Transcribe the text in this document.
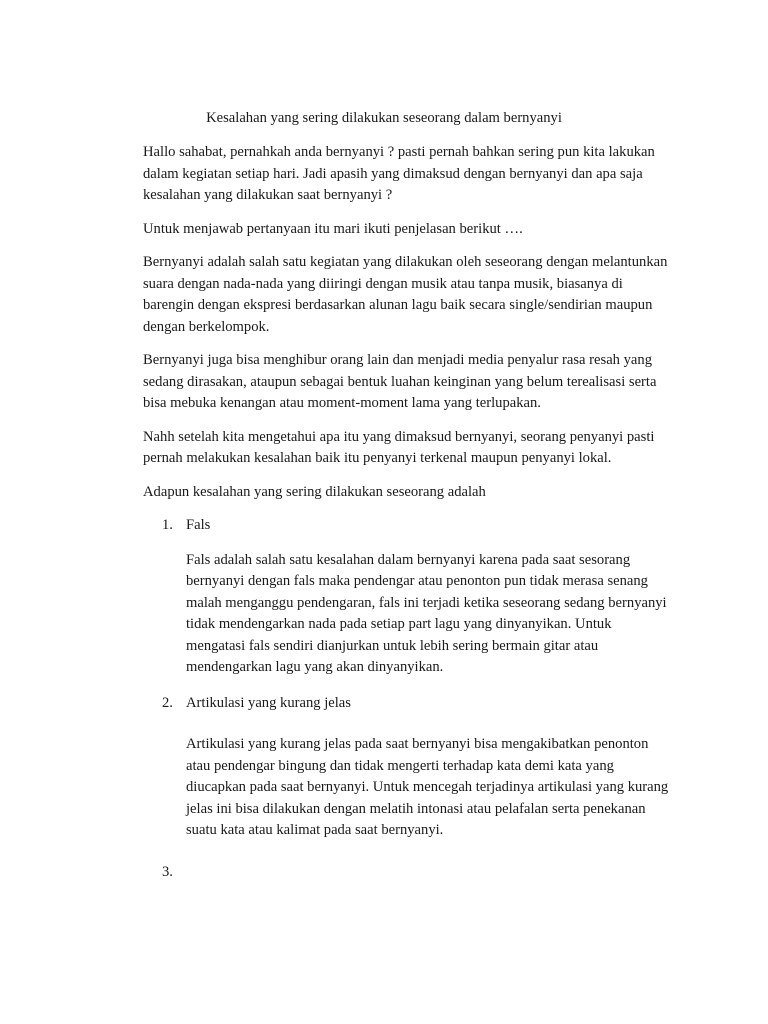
Kesalahan yang sering dilakukan seseorang dalam bernyanyi

Hallo sahabat, pernahkah anda bernyanyi ? pasti pernah bahkan sering pun kita lakukan dalam kegiatan setiap hari. Jadi apasih yang dimaksud dengan bernyanyi dan apa saja kesalahan yang dilakukan saat bernyanyi ?

Untuk menjawab pertanyaan itu mari ikuti penjelasan berikut ….

Bernyanyi adalah salah satu kegiatan yang dilakukan oleh seseorang dengan melantunkan suara dengan nada-nada yang diiringi dengan musik atau tanpa musik, biasanya di barengin dengan ekspresi berdasarkan alunan lagu baik secara single/sendirian maupun dengan berkelompok.

Bernyanyi juga bisa menghibur orang lain dan menjadi media penyalur rasa resah yang sedang dirasakan, ataupun sebagai bentuk luahan keinginan yang belum terealisasi serta bisa mebuka kenangan atau moment-moment lama yang terlupakan.

Nahh setelah kita mengetahui apa itu yang dimaksud bernyanyi, seorang penyanyi pasti pernah melakukan kesalahan baik itu penyanyi terkenal maupun penyanyi lokal.

Adapun kesalahan yang sering dilakukan seseorang adalah

1. Fals

Fals adalah salah satu kesalahan dalam bernyanyi karena pada saat sesorang bernyanyi dengan fals maka pendengar atau penonton pun tidak merasa senang malah menganggu pendengaran, fals ini terjadi ketika seseorang sedang bernyanyi tidak mendengarkan nada pada setiap part lagu yang dinyanyikan. Untuk mengatasi fals sendiri dianjurkan untuk lebih sering bermain gitar atau mendengarkan lagu yang akan dinyanyikan.

2. Artikulasi yang kurang jelas

Artikulasi yang kurang jelas pada saat bernyanyi bisa mengakibatkan penonton atau pendengar bingung dan tidak mengerti terhadap kata demi kata yang diucapkan pada saat bernyanyi. Untuk mencegah terjadinya artikulasi yang kurang jelas ini bisa dilakukan dengan melatih intonasi atau pelafalan serta penekanan suatu kata atau kalimat pada saat bernyanyi.

3.
